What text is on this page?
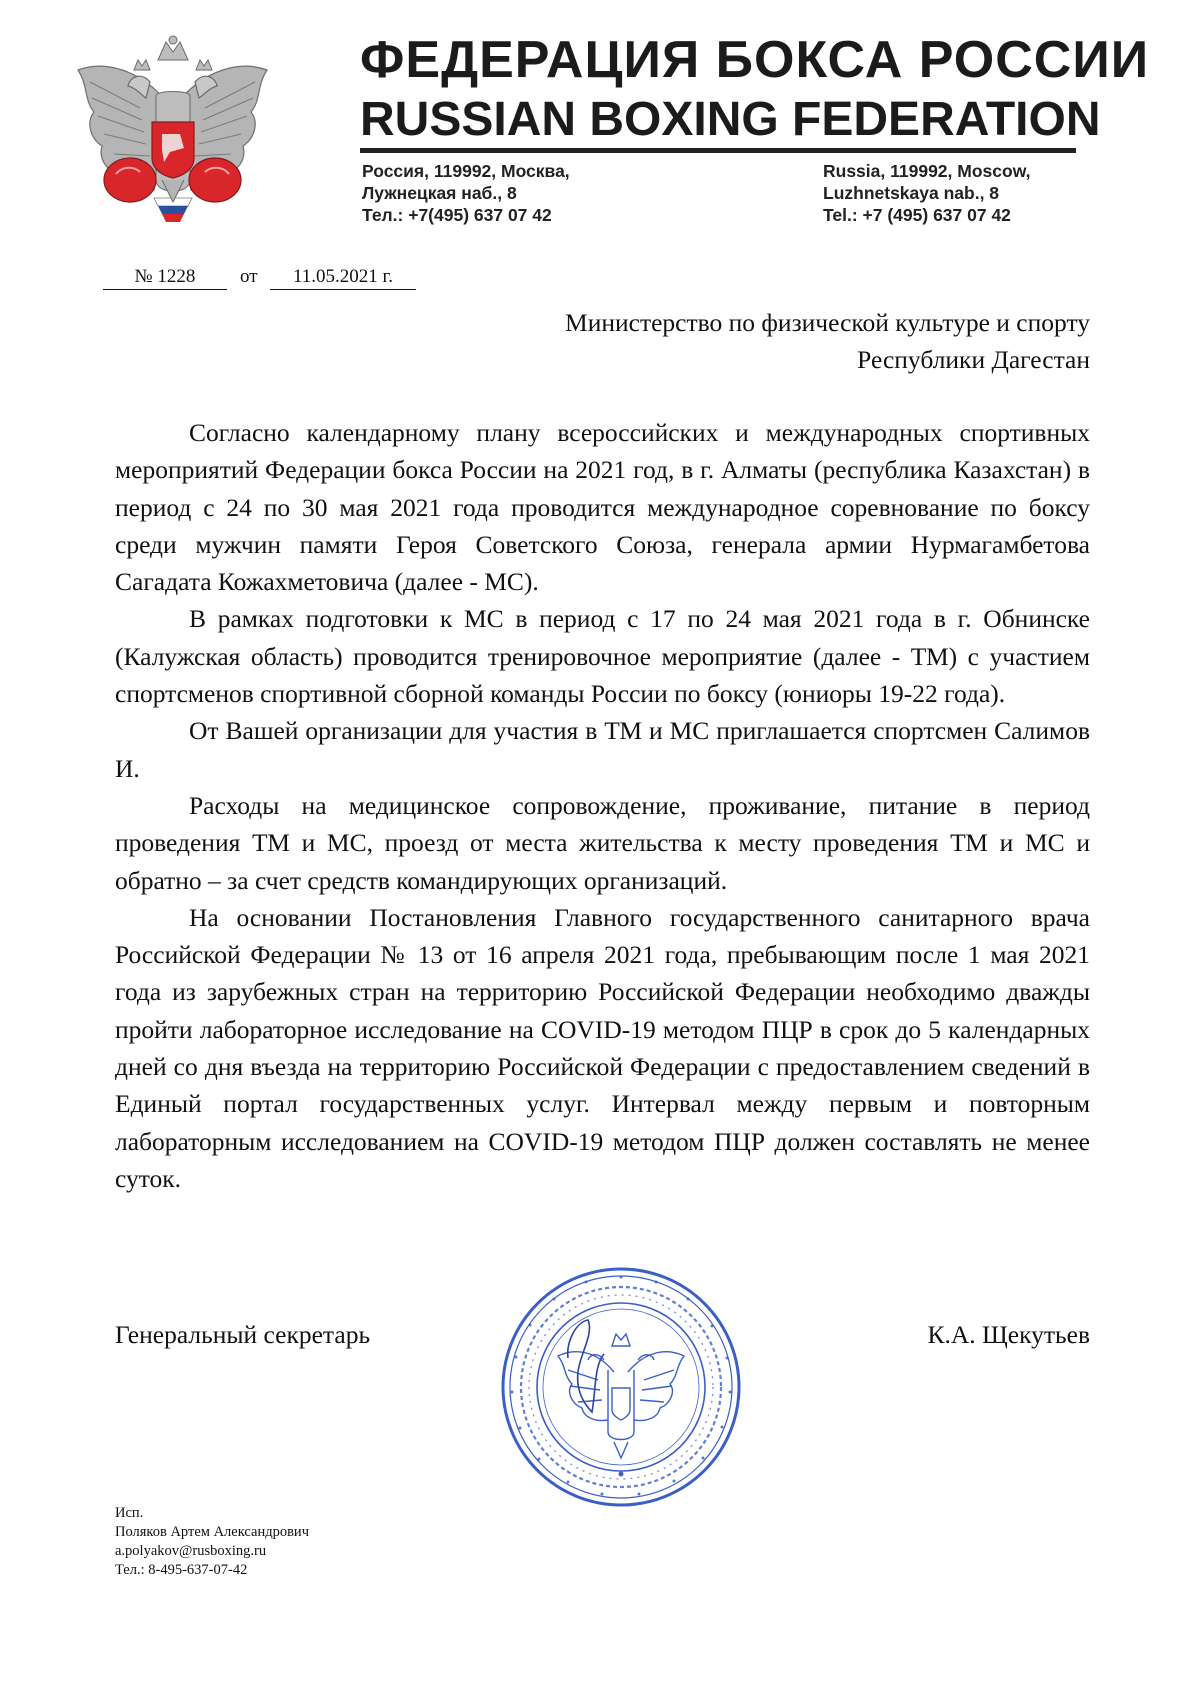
ФЕДЕРАЦИЯ БОКСА РОССИИ
RUSSIAN BOXING FEDERATION
Россия, 119992, Москва,
Лужнецкая наб., 8
Тел.: +7(495) 637 07 42
Russia, 119992, Moscow,
Luzhnetskaya nab., 8
Tel.: +7 (495) 637 07 42
№ 1228	от	11.05.2021 г.
Министерство по физической культуре и спорту
Республики Дагестан

Согласно календарному плану всероссийских и международных спортивных мероприятий Федерации бокса России на 2021 год, в г. Алматы (республика Казахстан) в период с 24 по 30 мая 2021 года проводится международное соревнование по боксу среди мужчин памяти Героя Советского Союза, генерала армии Нурмагамбетова Сагадата Кожахметовича (далее - МС).

В рамках подготовки к МС в период с 17 по 24 мая 2021 года в г. Обнинске (Калужская область) проводится тренировочное мероприятие (далее - ТМ) с участием спортсменов спортивной сборной команды России по боксу (юниоры 19-22 года).

От Вашей организации для участия в ТМ и МС приглашается спортсмен Салимов И.

Расходы на медицинское сопровождение, проживание, питание в период проведения ТМ и МС, проезд от места жительства к месту проведения ТМ и МС и обратно – за счет средств командирующих организаций.

На основании Постановления Главного государственного санитарного врача Российской Федерации № 13 от 16 апреля 2021 года, пребывающим после 1 мая 2021 года из зарубежных стран на территорию Российской Федерации необходимо дважды пройти лабораторное исследование на COVID-19 методом ПЦР в срок до 5 календарных дней со дня въезда на территорию Российской Федерации с предоставлением сведений в Единый портал государственных услуг. Интервал между первым и повторным лабораторным исследованием на COVID-19 методом ПЦР должен составлять не менее суток.

Генеральный секретарь	К.А. Щекутьев
Исп.
Поляков Артем Александрович
a.polyakov@rusboxing.ru
Тел.: 8-495-637-07-42
